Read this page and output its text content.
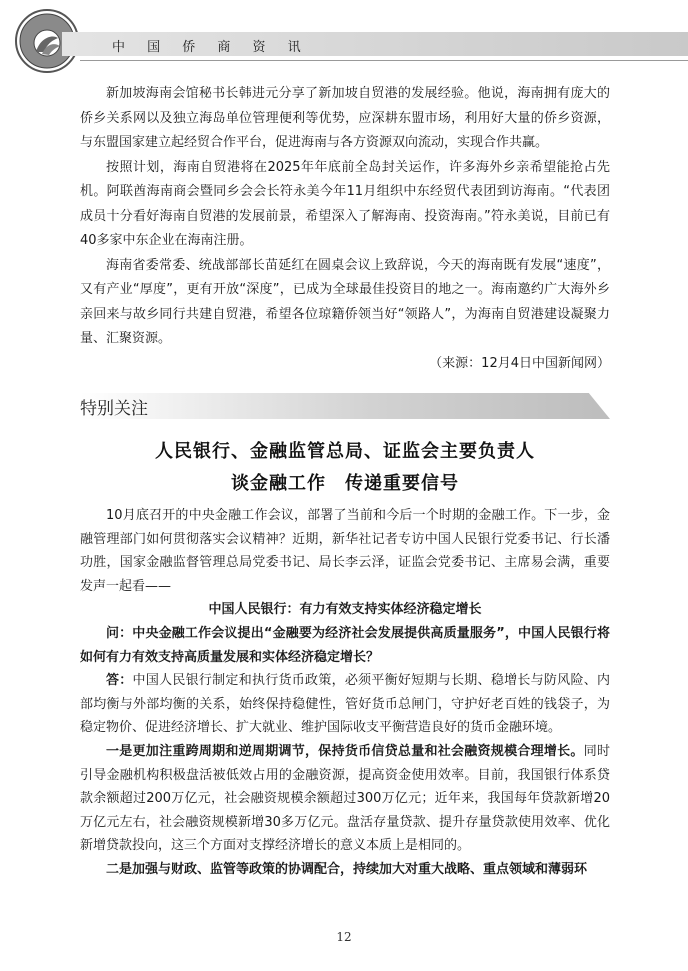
中 国 侨 商 资 讯

新加坡海南会馆秘书长韩进元分享了新加坡自贸港的发展经验。他说，海南拥有庞大的侨乡关系网以及独立海岛单位管理便利等优势，应深耕东盟市场，利用好大量的侨乡资源，与东盟国家建立起经贸合作平台，促进海南与各方资源双向流动，实现合作共赢。

按照计划，海南自贸港将在2025年年底前全岛封关运作，许多海外乡亲希望能抢占先机。阿联酋海南商会暨同乡会会长符永美今年11月组织中东经贸代表团到访海南。“代表团成员十分看好海南自贸港的发展前景，希望深入了解海南、投资海南。”符永美说，目前已有40多家中东企业在海南注册。

海南省委常委、统战部部长苗延红在圆桌会议上致辞说，今天的海南既有发展“速度”，又有产业“厚度”，更有开放“深度”，已成为全球最佳投资目的地之一。海南邀约广大海外乡亲回来与故乡同行共建自贸港，希望各位琼籍侨领当好“领路人”，为海南自贸港建设凝聚力量、汇聚资源。

（来源：12月4日中国新闻网）

特别关注
人民银行、金融监管总局、证监会主要负责人
谈金融工作　传递重要信号

10月底召开的中央金融工作会议，部署了当前和今后一个时期的金融工作。下一步，金融管理部门如何贯彻落实会议精神？近期，新华社记者专访中国人民银行党委书记、行长潘功胜，国家金融监督管理总局党委书记、局长李云泽，证监会党委书记、主席易会满，重要发声一起看——

中国人民银行：有力有效支持实体经济稳定增长

问：中央金融工作会议提出“金融要为经济社会发展提供高质量服务”，中国人民银行将如何有力有效支持高质量发展和实体经济稳定增长？

答：中国人民银行制定和执行货币政策，必须平衡好短期与长期、稳增长与防风险、内部均衡与外部均衡的关系，始终保持稳健性，管好货币总闸门，守护好老百姓的钱袋子，为稳定物价、促进经济增长、扩大就业、维护国际收支平衡营造良好的货币金融环境。

一是更加注重跨周期和逆周期调节，保持货币信贷总量和社会融资规模合理增长。同时引导金融机构积极盘活被低效占用的金融资源，提高资金使用效率。目前，我国银行体系贷款余额超过200万亿元，社会融资规模余额超过300万亿元；近年来，我国每年贷款新增20万亿元左右，社会融资规模新增30多万亿元。盘活存量贷款、提升存量贷款使用效率、优化新增贷款投向，这三个方面对支撑经济增长的意义本质上是相同的。

二是加强与财政、监管等政策的协调配合，持续加大对重大战略、重点领域和薄弱环

12
